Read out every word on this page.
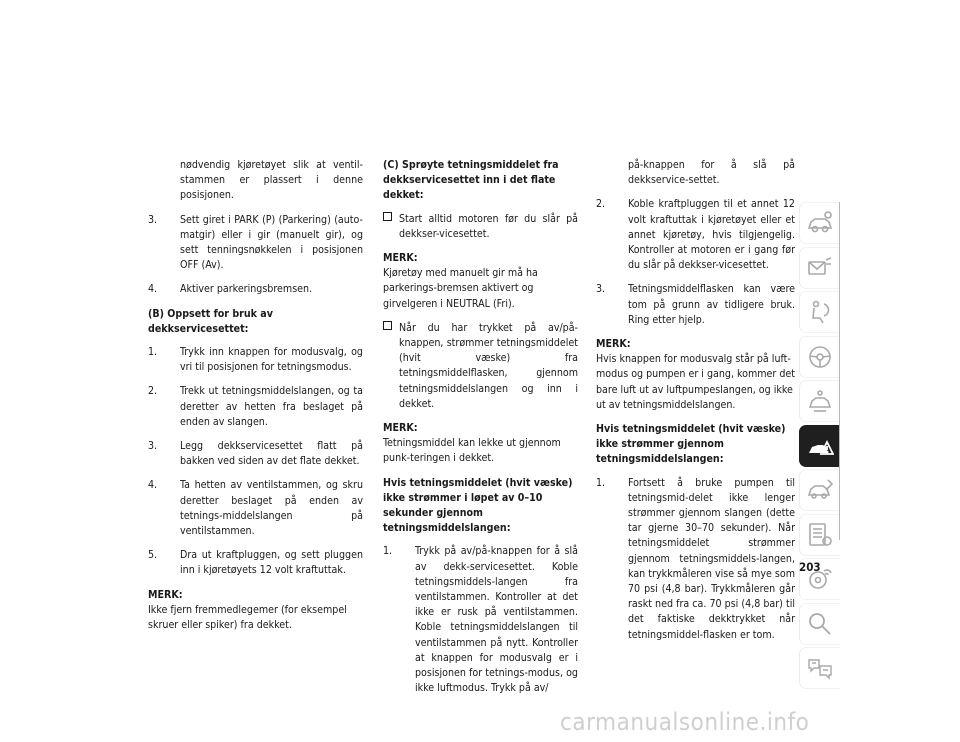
nødvendig kjøretøyet slik at ventil-stammen er plassert i denne posisjonen.
3. Sett giret i PARK (P) (Parkering) (auto-matgir) eller i gir (manuelt gir), og sett tenningsnøkkelen i posisjonen OFF (Av).
4. Aktiver parkeringsbremsen.
(B) Oppsett for bruk av dekkservicesettet:
1. Trykk inn knappen for modusvalg, og vri til posisjonen for tetningsmodus.
2. Trekk ut tetningsmiddelslangen, og ta deretter av hetten fra beslaget på enden av slangen.
3. Legg dekkservicesettet flatt på bakken ved siden av det flate dekket.
4. Ta hetten av ventilstammen, og skru deretter beslaget på enden av tetnings-middelslangen på ventilstammen.
5. Dra ut kraftpluggen, og sett pluggen inn i kjøretøyets 12 volt kraftuttak.
MERK:
Ikke fjern fremmedlegemer (for eksempel skruer eller spiker) fra dekket.
(C) Sprøyte tetningsmiddelet fra dekkservicesettet inn i det flate dekket:
Start alltid motoren før du slår på dekkser-vicesettet.
MERK:
Kjøretøy med manuelt gir må ha parkerings-bremsen aktivert og girvelgeren i NEUTRAL (Fri).
Når du har trykket på av/på-knappen, strømmer tetningsmiddelet (hvit væske) fra tetningsmiddelflasken, gjennom tetningsmiddelslangen og inn i dekket.
MERK:
Tetningsmiddel kan lekke ut gjennom punk-teringen i dekket.
Hvis tetningsmiddelet (hvit væske) ikke strømmer i løpet av 0–10 sekunder gjennom tetningsmiddelslangen:
1. Trykk på av/på-knappen for å slå av dekk-servicesettet. Koble tetningsmiddels-langen fra ventilstammen. Kontroller at det ikke er rusk på ventilstammen. Koble tetningsmiddelslangen til ventilstammen på nytt. Kontroller at knappen for modusvalg er i posisjonen for tetnings-modus, og ikke luftmodus. Trykk på av/
på-knappen for å slå på dekkservice-settet.
2. Koble kraftpluggen til et annet 12 volt kraftuttak i kjøretøyet eller et annet kjøretøy, hvis tilgjengelig. Kontroller at motoren er i gang før du slår på dekkser-vicesettet.
3. Tetningsmiddelflasken kan være tom på grunn av tidligere bruk. Ring etter hjelp.
MERK:
Hvis knappen for modusvalg står på luft-modus og pumpen er i gang, kommer det bare luft ut av luftpumpeslangen, og ikke ut av tetningsmiddelslangen.
Hvis tetningsmiddelet (hvit væske) ikke strømmer gjennom tetningsmiddelslangen:
1. Fortsett å bruke pumpen til tetningsmid-delet ikke lenger strømmer gjennom slangen (dette tar gjerne 30–70 sekunder). Når tetningsmiddelet strømmer gjennom tetningsmiddels-langen, kan trykkmåleren vise så mye som 70 psi (4,8 bar). Trykkmåleren går raskt ned fra ca. 70 psi (4,8 bar) til det faktiske dekktrykket når tetningsmiddel-flasken er tom.
203
carmanualsonline.info
